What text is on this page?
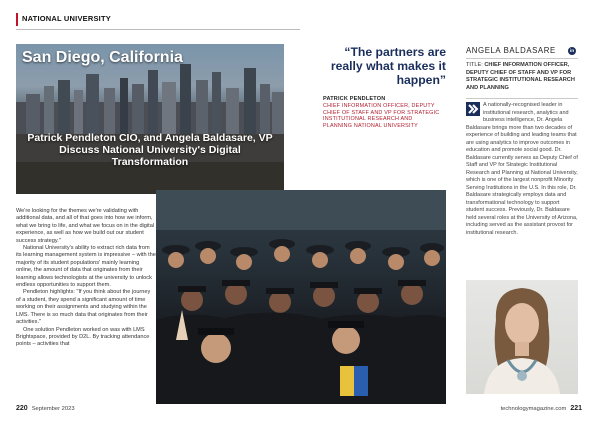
NATIONAL UNIVERSITY
San Diego, California
Patrick Pendleton CIO, and Angela Baldasare, VP Discuss National University's Digital Transformation

We're looking for the themes we're validating with additional data, and all of that goes into how we inform, what we bring to life, and what we focus on in the digital experience, as well as how we build out our student success strategy."

National University's ability to extract rich data from its learning management system is impressive – with the majority of its student populations' mainly learning online, the amount of data that originates from their learning allows technologists at the university to unlock endless opportunities to support them.

Pendleton highlights: "If you think about the journey of a student, they spend a significant amount of time working on their assignments and studying within the LMS. There is so much data that originates from their activities."

One solution Pendleton worked on was with LMS Brightspace, provided by D2L. By tracking attendance points – activities that

“The partners are really what makes it happen”
PATRICK PENDLETON
CHIEF INFORMATION OFFICER, DEPUTY CHIEF OF STAFF AND VP FOR STRATEGIC INSTITUTIONAL RESEARCH AND PLANNING NATIONAL UNIVERSITY
ANGELA BALDASARE	in
TITLE: CHIEF INFORMATION OFFICER, DEPUTY CHIEF OF STAFF AND VP FOR STRATEGIC INSTITUTIONAL RESEARCH AND PLANNING
A nationally-recognised leader in institutional research, analytics and business intelligence, Dr. Angela Baldasare brings more than two decades of experience of building and leading teams that are using analytics to improve outcomes in education and promote social good. Dr. Baldasare currently serves as Deputy Chief of Staff and VP for Strategic Institutional Research and Planning at National University, which is one of the largest nonprofit Minority Serving Institutions in the U.S. In this role, Dr. Baldasare strategically employs data and transformational technology to support student success. Previously, Dr. Baldasare held several roles at the University of Arizona, including served as the assistant provost for institutional research.
220 September 2023	technologymagazine.com 221
